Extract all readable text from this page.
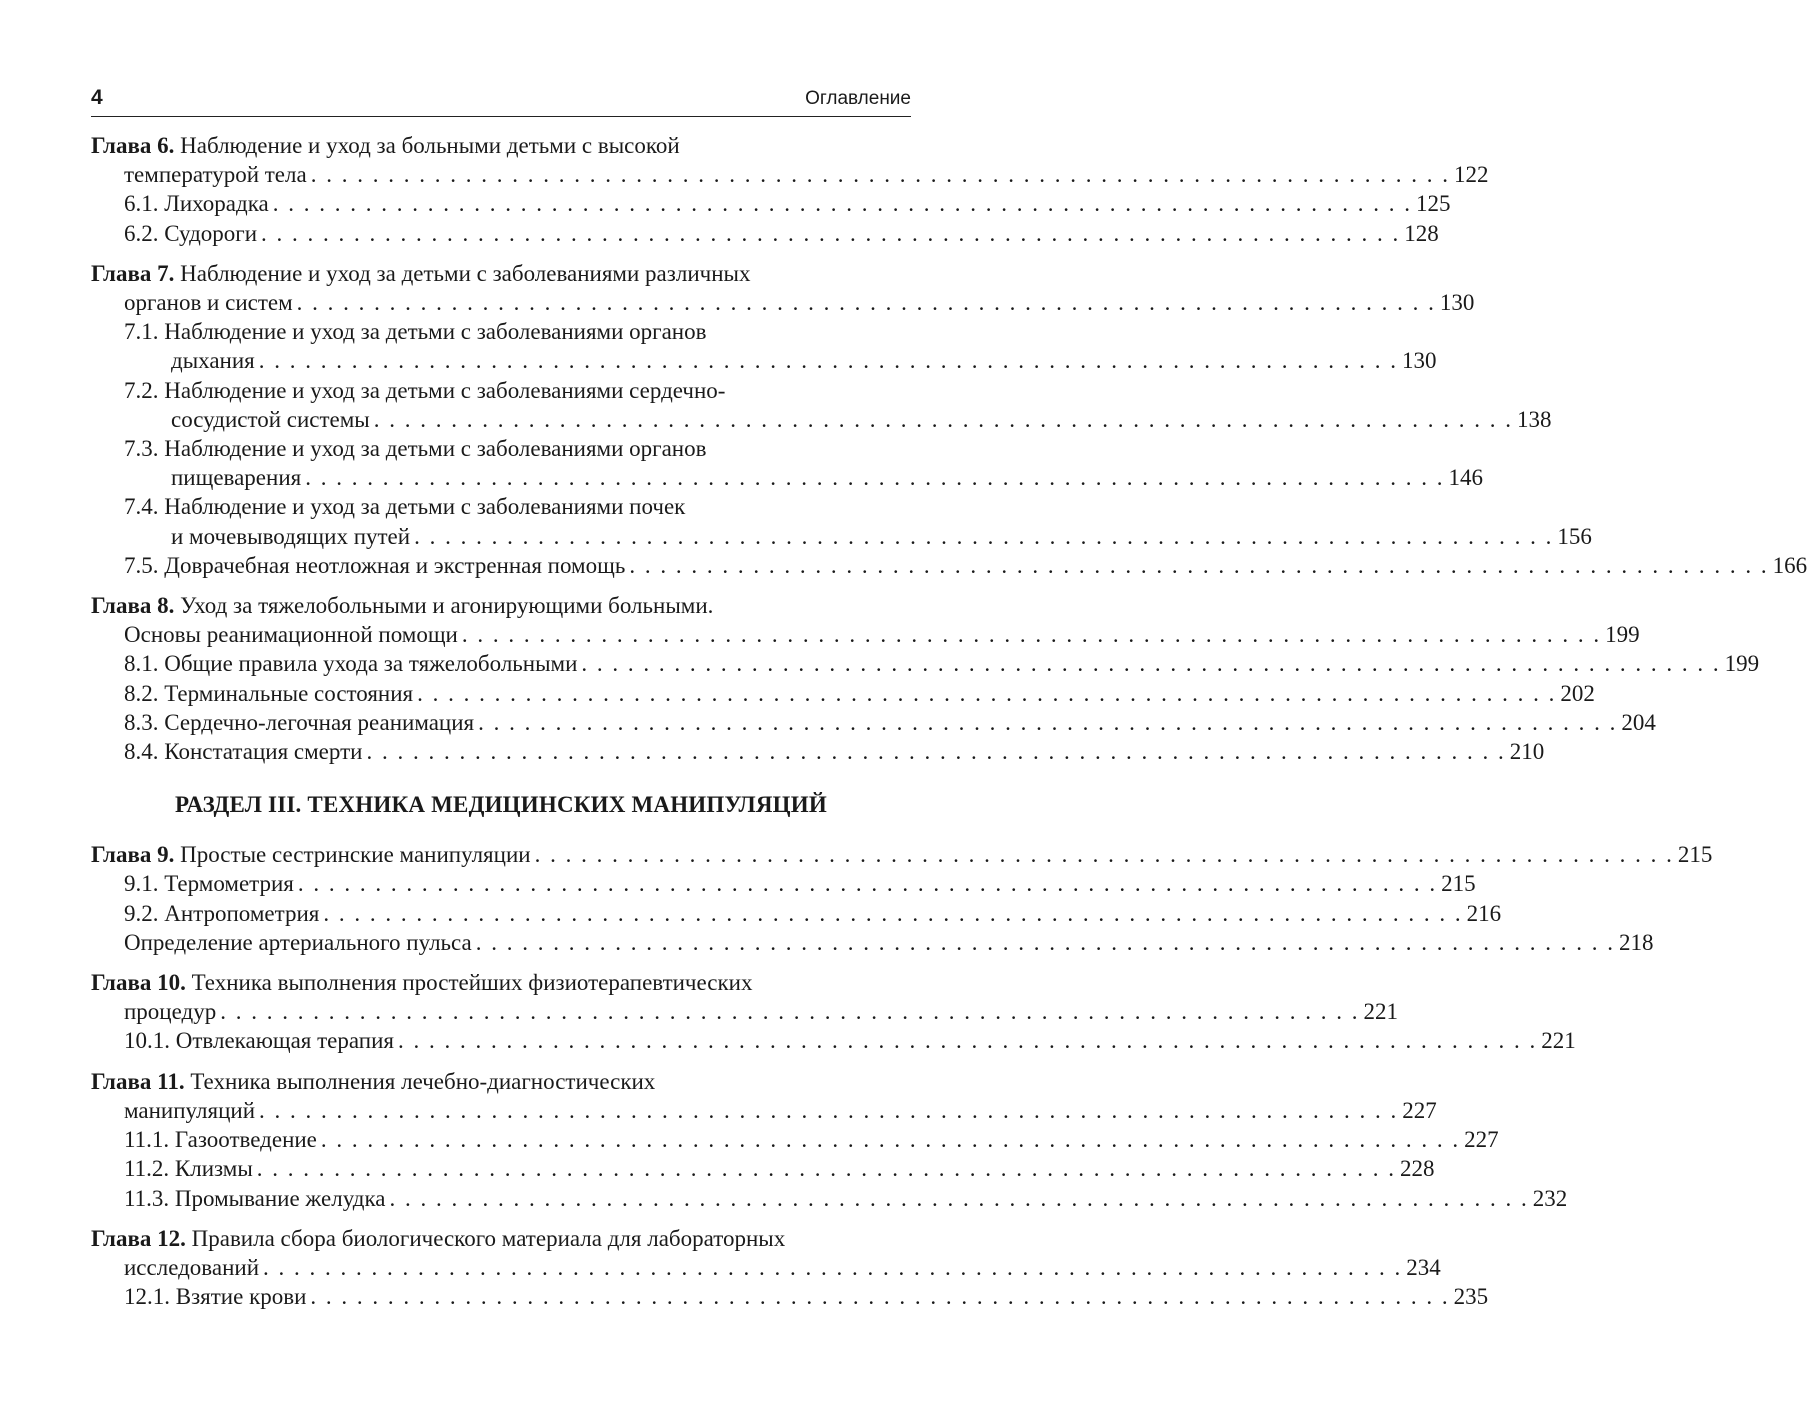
4	Оглавление
Глава 6. Наблюдение и уход за больными детьми с высокой
температурой тела . . . . . . . . . . . . . . . . . . . . . . . . . . . . . . . . . . . . . . . . . . . . . . . . . . . . . . . . . . . . . . . . . . . . . . . . . . 122
6.1. Лихорадка . . . . . . . . . . . . . . . . . . . . . . . . . . . . . . . . . . . . . . . . . . . . . . . . . . . . . . . . . . . . . . . . . . . . . . . . . . 125
6.2. Судороги . . . . . . . . . . . . . . . . . . . . . . . . . . . . . . . . . . . . . . . . . . . . . . . . . . . . . . . . . . . . . . . . . . . . . . . . . . 128
Глава 7. Наблюдение и уход за детьми с заболеваниями различных
органов и систем . . . . . . . . . . . . . . . . . . . . . . . . . . . . . . . . . . . . . . . . . . . . . . . . . . . . . . . . . . . . . . . . . . . . . . . . . . 130
7.1. Наблюдение и уход за детьми с заболеваниями органов
дыхания . . . . . . . . . . . . . . . . . . . . . . . . . . . . . . . . . . . . . . . . . . . . . . . . . . . . . . . . . . . . . . . . . . . . . . . . . . 130
7.2. Наблюдение и уход за детьми с заболеваниями сердечно-
сосудистой системы . . . . . . . . . . . . . . . . . . . . . . . . . . . . . . . . . . . . . . . . . . . . . . . . . . . . . . . . . . . . . . . . . . . . . . . . . . 138
7.3. Наблюдение и уход за детьми с заболеваниями органов
пищеварения . . . . . . . . . . . . . . . . . . . . . . . . . . . . . . . . . . . . . . . . . . . . . . . . . . . . . . . . . . . . . . . . . . . . . . . . . . 146
7.4. Наблюдение и уход за детьми с заболеваниями почек
и мочевыводящих путей . . . . . . . . . . . . . . . . . . . . . . . . . . . . . . . . . . . . . . . . . . . . . . . . . . . . . . . . . . . . . . . . . . . . . . . . . . 156
7.5. Доврачебная неотложная и экстренная помощь . . . . . . . . . . . . . . . . . . . . . . . . . . . . . . . . . . . . . . . . . . . . . . . . . . . . . . . . . . . . . . . . . . . . . . . . . . 166
Глава 8. Уход за тяжелобольными и агонирующими больными.
Основы реанимационной помощи . . . . . . . . . . . . . . . . . . . . . . . . . . . . . . . . . . . . . . . . . . . . . . . . . . . . . . . . . . . . . . . . . . . . . . . . . . 199
8.1. Общие правила ухода за тяжелобольными . . . . . . . . . . . . . . . . . . . . . . . . . . . . . . . . . . . . . . . . . . . . . . . . . . . . . . . . . . . . . . . . . . . . . . . . . . 199
8.2. Терминальные состояния . . . . . . . . . . . . . . . . . . . . . . . . . . . . . . . . . . . . . . . . . . . . . . . . . . . . . . . . . . . . . . . . . . . . . . . . . . 202
8.3. Сердечно-легочная реанимация . . . . . . . . . . . . . . . . . . . . . . . . . . . . . . . . . . . . . . . . . . . . . . . . . . . . . . . . . . . . . . . . . . . . . . . . . . 204
8.4. Констатация смерти . . . . . . . . . . . . . . . . . . . . . . . . . . . . . . . . . . . . . . . . . . . . . . . . . . . . . . . . . . . . . . . . . . . . . . . . . . 210
РАЗДЕЛ III. ТЕХНИКА МЕДИЦИНСКИХ МАНИПУЛЯЦИЙ
Глава 9. Простые сестринские манипуляции . . . . . . . . . . . . . . . . . . . . . . . . . . . . . . . . . . . . . . . . . . . . . . . . . . . . . . . . . . . . . . . . . . . . . . . . . . 215
9.1. Термометрия . . . . . . . . . . . . . . . . . . . . . . . . . . . . . . . . . . . . . . . . . . . . . . . . . . . . . . . . . . . . . . . . . . . . . . . . . . 215
9.2. Антропометрия . . . . . . . . . . . . . . . . . . . . . . . . . . . . . . . . . . . . . . . . . . . . . . . . . . . . . . . . . . . . . . . . . . . . . . . . . . 216
Определение артериального пульса . . . . . . . . . . . . . . . . . . . . . . . . . . . . . . . . . . . . . . . . . . . . . . . . . . . . . . . . . . . . . . . . . . . . . . . . . . 218
Глава 10. Техника выполнения простейших физиотерапевтических
процедур . . . . . . . . . . . . . . . . . . . . . . . . . . . . . . . . . . . . . . . . . . . . . . . . . . . . . . . . . . . . . . . . . . . . . . . . . . 221
10.1. Отвлекающая терапия . . . . . . . . . . . . . . . . . . . . . . . . . . . . . . . . . . . . . . . . . . . . . . . . . . . . . . . . . . . . . . . . . . . . . . . . . . 221
Глава 11. Техника выполнения лечебно-диагностических
манипуляций . . . . . . . . . . . . . . . . . . . . . . . . . . . . . . . . . . . . . . . . . . . . . . . . . . . . . . . . . . . . . . . . . . . . . . . . . . 227
11.1. Газоотведение . . . . . . . . . . . . . . . . . . . . . . . . . . . . . . . . . . . . . . . . . . . . . . . . . . . . . . . . . . . . . . . . . . . . . . . . . . 227
11.2. Клизмы . . . . . . . . . . . . . . . . . . . . . . . . . . . . . . . . . . . . . . . . . . . . . . . . . . . . . . . . . . . . . . . . . . . . . . . . . . 228
11.3. Промывание желудка . . . . . . . . . . . . . . . . . . . . . . . . . . . . . . . . . . . . . . . . . . . . . . . . . . . . . . . . . . . . . . . . . . . . . . . . . . 232
Глава 12. Правила сбора биологического материала для лабораторных
исследований . . . . . . . . . . . . . . . . . . . . . . . . . . . . . . . . . . . . . . . . . . . . . . . . . . . . . . . . . . . . . . . . . . . . . . . . . . 234
12.1. Взятие крови . . . . . . . . . . . . . . . . . . . . . . . . . . . . . . . . . . . . . . . . . . . . . . . . . . . . . . . . . . . . . . . . . . . . . . . . . . 235
